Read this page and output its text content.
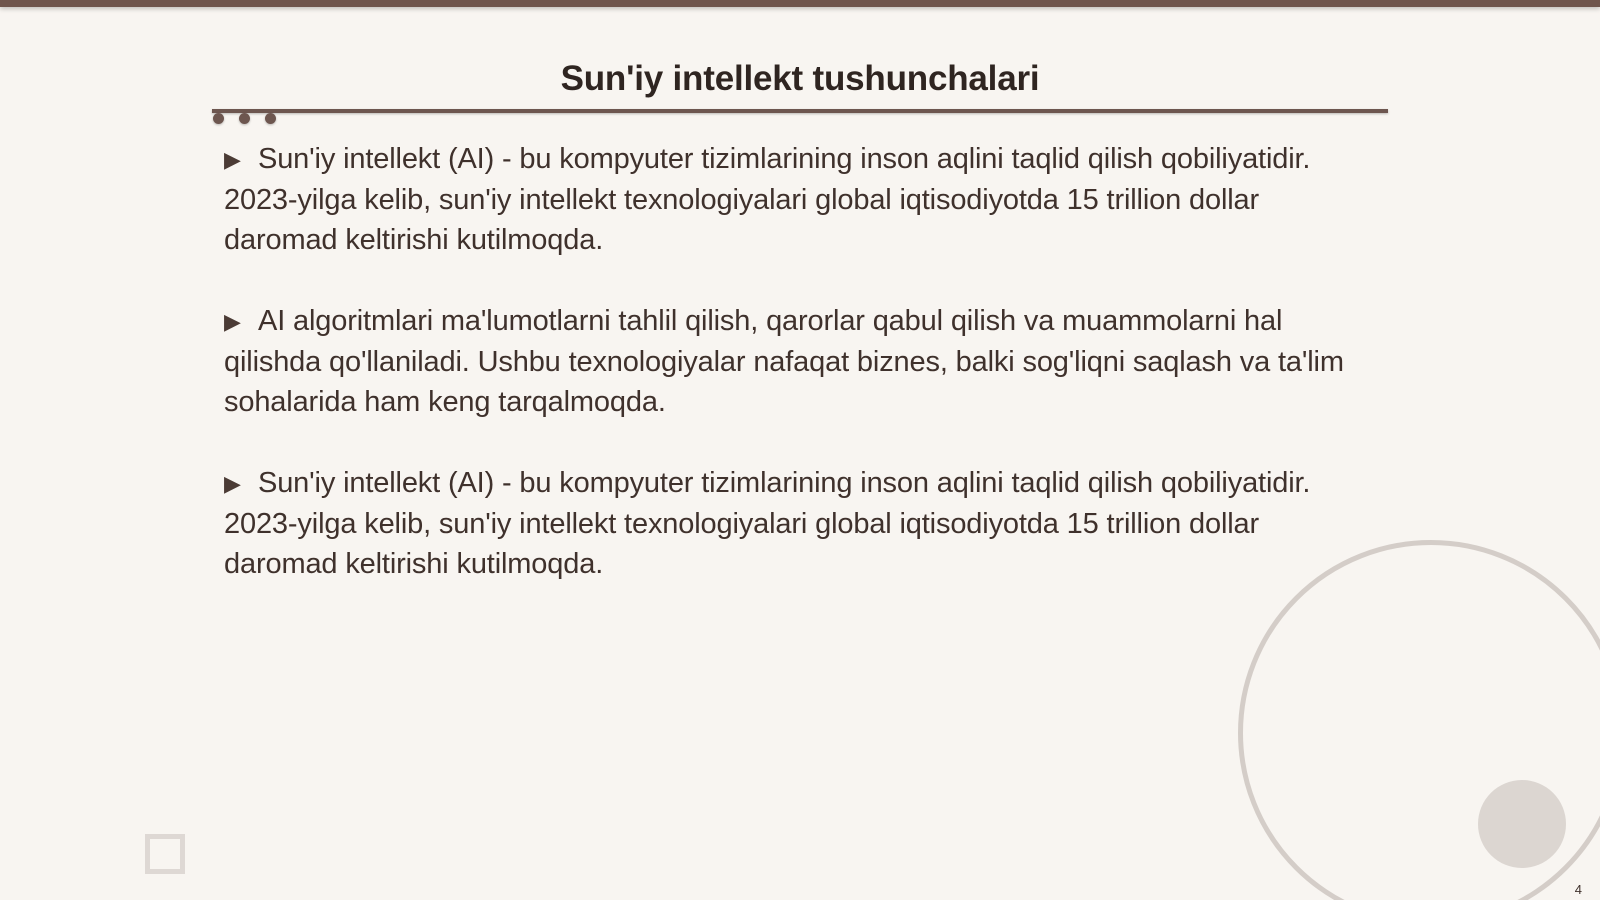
Sun'iy intellekt tushunchalari

▶ Sun'iy intellekt (AI) - bu kompyuter tizimlarining inson aqlini taqlid qilish qobiliyatidir. 2023-yilga kelib, sun'iy intellekt texnologiyalari global iqtisodiyotda 15 trillion dollar daromad keltirishi kutilmoqda.

▶ AI algoritmlari ma'lumotlarni tahlil qilish, qarorlar qabul qilish va muammolarni hal qilishda qo'llaniladi. Ushbu texnologiyalar nafaqat biznes, balki sog'liqni saqlash va ta'lim sohalarida ham keng tarqalmoqda.

▶ Sun'iy intellekt (AI) - bu kompyuter tizimlarining inson aqlini taqlid qilish qobiliyatidir. 2023-yilga kelib, sun'iy intellekt texnologiyalari global iqtisodiyotda 15 trillion dollar daromad keltirishi kutilmoqda.

4
